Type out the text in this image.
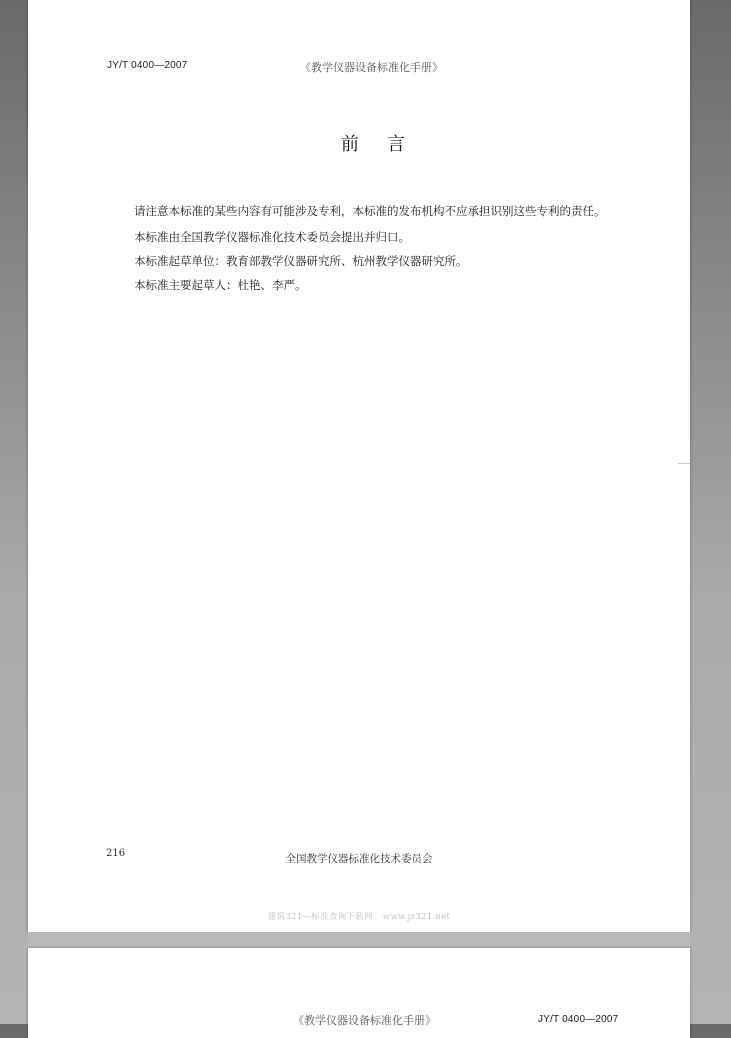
JY/T 0400—2007	《教学仪器设备标准化手册》
前言
请注意本标准的某些内容有可能涉及专利，本标准的发布机构不应承担识别这些专利的责任。
本标准由全国教学仪器标准化技术委员会提出并归口。
本标准起草单位：教育部教学仪器研究所、杭州教学仪器研究所。
本标准主要起草人：杜艳、李严。
216	全国教学仪器标准化技术委员会
建筑321—标准查询下载网 www.jz321.net
《教学仪器设备标准化手册》	JY/T 0400—2007
